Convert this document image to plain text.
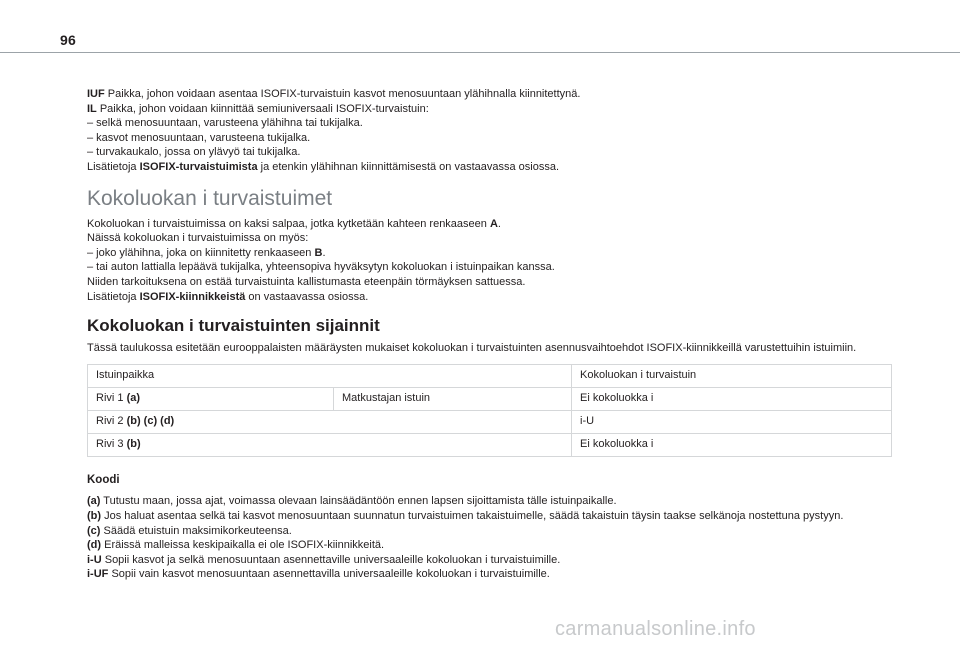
96

IUF Paikka, johon voidaan asentaa ISOFIX-turvaistuin kasvot menosuuntaan ylähihnalla kiinnitettynä.

IL Paikka, johon voidaan kiinnittää semiuniversaali ISOFIX-turvaistuin:

– selkä menosuuntaan, varusteena ylähihna tai tukijalka.

– kasvot menosuuntaan, varusteena tukijalka.

– turvakaukalo, jossa on ylävyö tai tukijalka.

Lisätietoja ISOFIX-turvaistuimista ja etenkin ylähihnan kiinnittämisestä on vastaavassa osiossa.

Kokoluokan i turvaistuimet

Kokoluokan i turvaistuimissa on kaksi salpaa, jotka kytketään kahteen renkaaseen A.

Näissä kokoluokan i turvaistuimissa on myös:

– joko ylähihna, joka on kiinnitetty renkaaseen B.

– tai auton lattialla lepäävä tukijalka, yhteensopiva hyväksytyn kokoluokan i istuinpaikan kanssa.

Niiden tarkoituksena on estää turvaistuinta kallistumasta eteenpäin törmäyksen sattuessa.

Lisätietoja ISOFIX-kiinnikkeistä on vastaavassa osiossa.

Kokoluokan i turvaistuinten sijainnit

Tässä taulukossa esitetään eurooppalaisten määräysten mukaiset kokoluokan i turvaistuinten asennusvaihtoehdot ISOFIX-kiinnikkeillä varustettuihin istuimiin.

Istuinpaikka		Kokoluokan i turvaistuin
Rivi 1 (a)	Matkustajan istuin	Ei kokoluokka i
Rivi 2 (b) (c) (d)		i-U
Rivi 3 (b)		Ei kokoluokka i
Koodi

(a) Tutustu maan, jossa ajat, voimassa olevaan lainsäädäntöön ennen lapsen sijoittamista tälle istuinpaikalle.

(b) Jos haluat asentaa selkä tai kasvot menosuuntaan suunnatun turvaistuimen takaistuimelle, säädä takaistuin täysin taakse selkänoja nostettuna pystyyn.

(c) Säädä etuistuin maksimikorkeuteensa.

(d) Eräissä malleissa keskipaikalla ei ole ISOFIX-kiinnikkeitä.

i-U Sopii kasvot ja selkä menosuuntaan asennettaville universaaleille kokoluokan i turvaistuimille.

i-UF Sopii vain kasvot menosuuntaan asennettavilla universaaleille kokoluokan i turvaistuimille.

carmanualsonline.info
